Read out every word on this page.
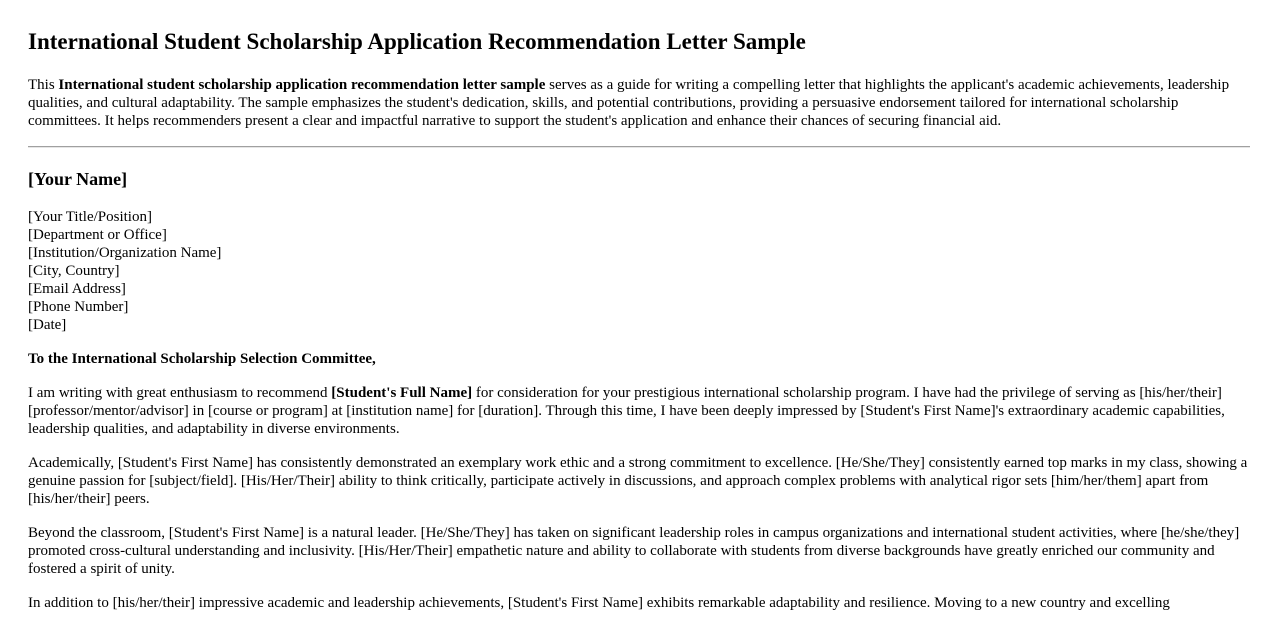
International Student Scholarship Application Recommendation Letter Sample
This International student scholarship application recommendation letter sample serves as a guide for writing a compelling letter that highlights the applicant's academic achievements, leadership qualities, and cultural adaptability. The sample emphasizes the student's dedication, skills, and potential contributions, providing a persuasive endorsement tailored for international scholarship committees. It helps recommenders present a clear and impactful narrative to support the student's application and enhance their chances of securing financial aid.
[Your Name]
[Your Title/Position]
[Department or Office]
[Institution/Organization Name]
[City, Country]
[Email Address]
[Phone Number]
[Date]
To the International Scholarship Selection Committee,

I am writing with great enthusiasm to recommend [Student's Full Name] for consideration for your prestigious international scholarship program. I have had the privilege of serving as [his/her/their] [professor/mentor/advisor] in [course or program] at [institution name] for [duration]. Through this time, I have been deeply impressed by [Student's First Name]'s extraordinary academic capabilities, leadership qualities, and adaptability in diverse environments.

Academically, [Student's First Name] has consistently demonstrated an exemplary work ethic and a strong commitment to excellence. [He/She/They] consistently earned top marks in my class, showing a genuine passion for [subject/field]. [His/Her/Their] ability to think critically, participate actively in discussions, and approach complex problems with analytical rigor sets [him/her/them] apart from [his/her/their] peers.

Beyond the classroom, [Student's First Name] is a natural leader. [He/She/They] has taken on significant leadership roles in campus organizations and international student activities, where [he/she/they] promoted cross-cultural understanding and inclusivity. [His/Her/Their] empathetic nature and ability to collaborate with students from diverse backgrounds have greatly enriched our community and fostered a spirit of unity.

In addition to [his/her/their] impressive academic and leadership achievements, [Student's First Name] exhibits remarkable adaptability and resilience. Moving to a new country and excelling
